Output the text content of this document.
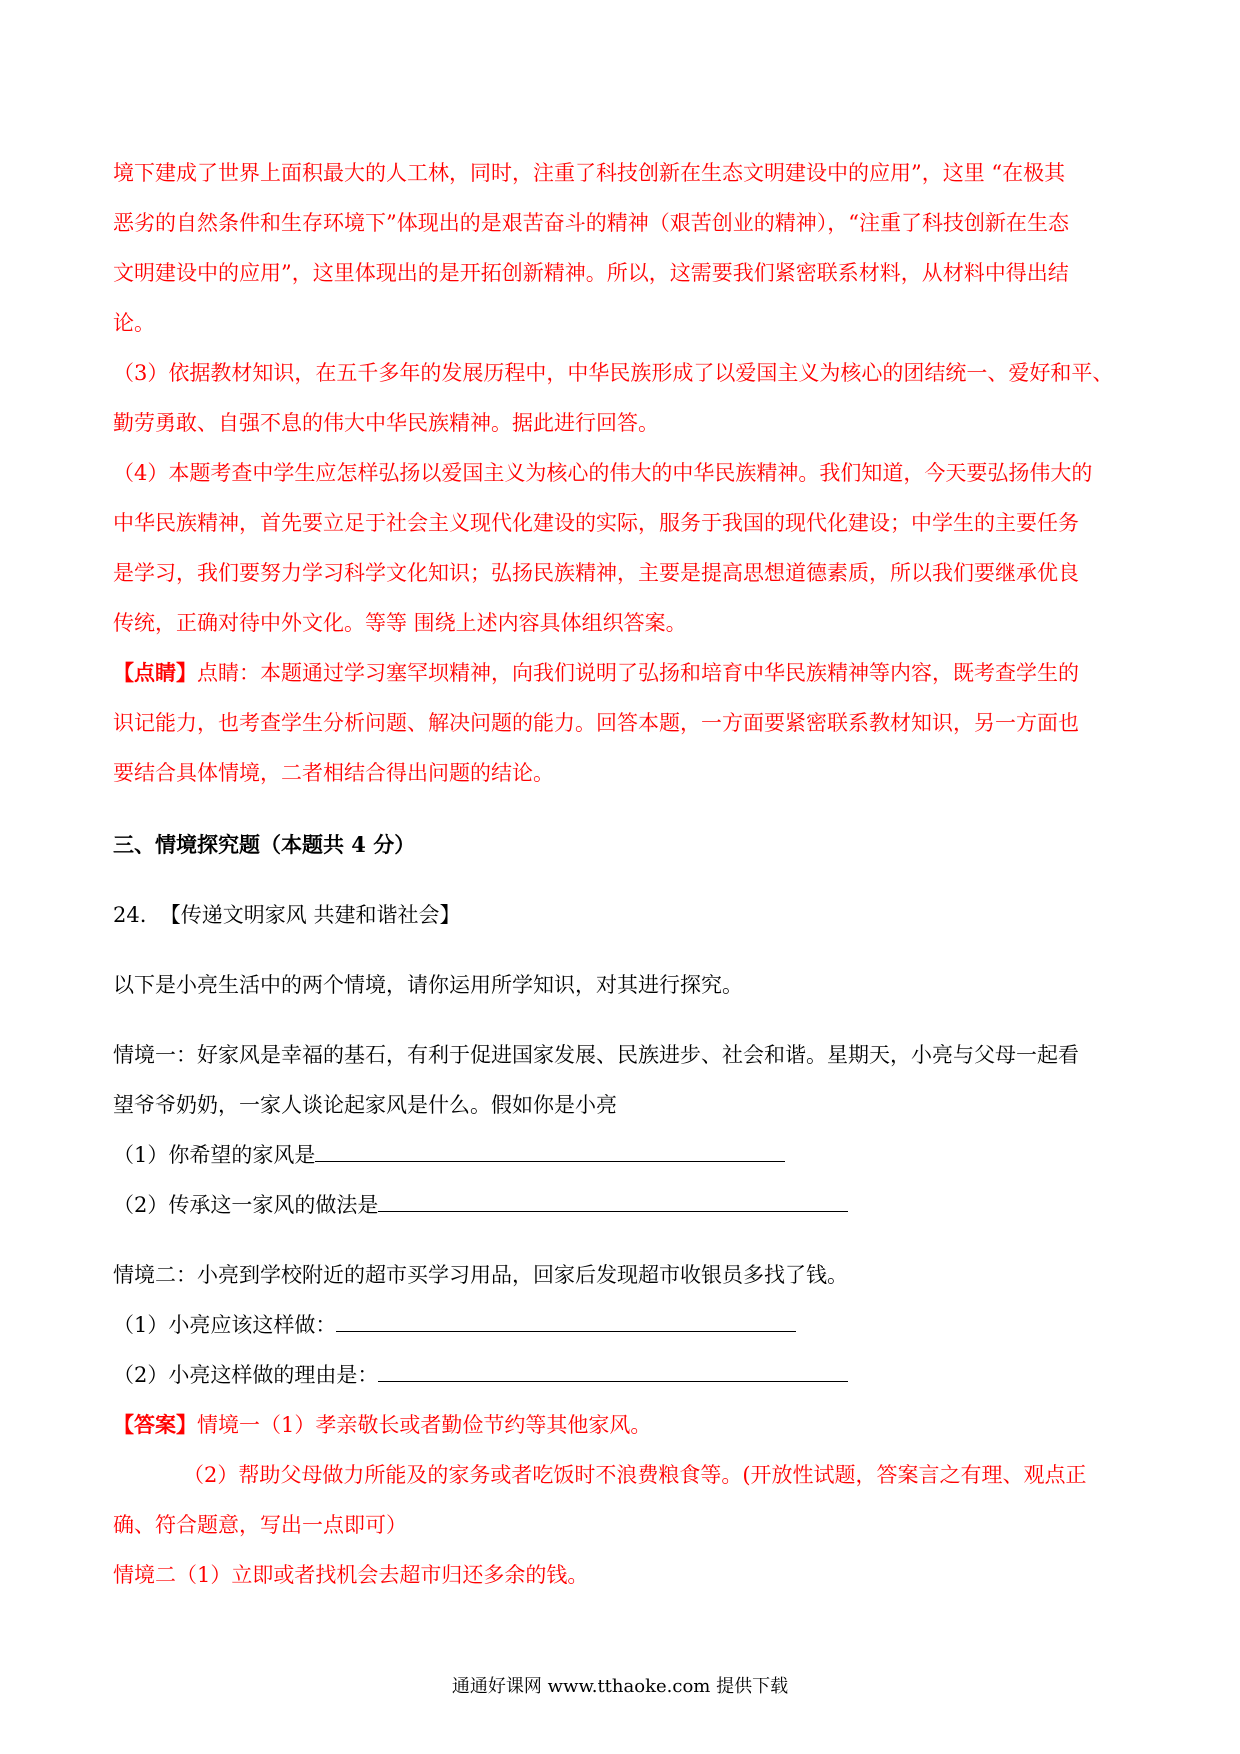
境下建成了世界上面积最大的人工林，同时，注重了科技创新在生态文明建设中的应用”，这里 “在极其
恶劣的自然条件和生存环境下”体现出的是艰苦奋斗的精神（艰苦创业的精神），“注重了科技创新在生态
文明建设中的应用”，这里体现出的是开拓创新精神。所以，这需要我们紧密联系材料，从材料中得出结
论。
（3）依据教材知识，在五千多年的发展历程中，中华民族形成了以爱国主义为核心的团结统一、爱好和平、
勤劳勇敢、自强不息的伟大中华民族精神。据此进行回答。
（4）本题考查中学生应怎样弘扬以爱国主义为核心的伟大的中华民族精神。我们知道，今天要弘扬伟大的
中华民族精神，首先要立足于社会主义现代化建设的实际，服务于我国的现代化建设；中学生的主要任务
是学习，我们要努力学习科学文化知识；弘扬民族精神，主要是提高思想道德素质，所以我们要继承优良
传统，正确对待中外文化。等等 围绕上述内容具体组织答案。
【点睛】点睛：本题通过学习塞罕坝精神，向我们说明了弘扬和培育中华民族精神等内容，既考查学生的
识记能力，也考查学生分析问题、解决问题的能力。回答本题，一方面要紧密联系教材知识，另一方面也
要结合具体情境，二者相结合得出问题的结论。
三、情境探究题（本题共 4 分）
24. 【传递文明家风 共建和谐社会】
以下是小亮生活中的两个情境，请你运用所学知识，对其进行探究。
情境一：好家风是幸福的基石，有利于促进国家发展、民族进步、社会和谐。星期天，小亮与父母一起看
望爷爷奶奶，一家人谈论起家风是什么。假如你是小亮
（1）你希望的家风是
（2）传承这一家风的做法是
情境二：小亮到学校附近的超市买学习用品，回家后发现超市收银员多找了钱。
（1）小亮应该这样做：
（2）小亮这样做的理由是：
【答案】情境一（1）孝亲敬长或者勤俭节约等其他家风。
（2）帮助父母做力所能及的家务或者吃饭时不浪费粮食等。(开放性试题，答案言之有理、观点正
确、符合题意，写出一点即可）
情境二（1）立即或者找机会去超市归还多余的钱。
通通好课网 www.tthaoke.com 提供下载
